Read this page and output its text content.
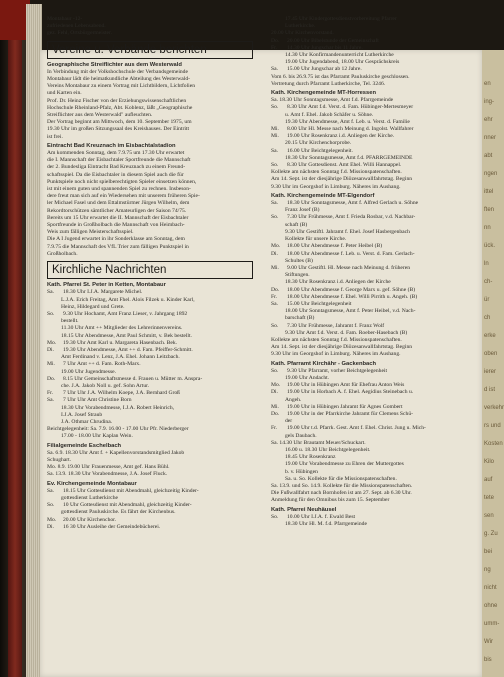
en
ing-
ehr
nner
abt
ngen
ittel
ften
nn
ück.
ln
ch-
ür
ch
erke
oben
ierer
d ist
verkehr
rs und
Kosten
Kilo
auf
tete
sen
g. Zu
bei
ng
nicht
ohne
umm-
Wir
bis
Montabaur -12-
zufriedenen Lebensabend.
gez. Fehl, Ortsbürgermeister.
Vereine u. Verbände berichten
Geographische Streiflichter aus dem Westerwald
In Verbindung mit der Volkshochschule der Verbandsgemeinde
Montabaur lädt die heimatkundliche Abteilung des Westerwald-
Vereins Montabaur zu einem Vortrag mit Lichtbildern, Lichtfolien
und Karten ein.
Prof. Dr. Heinz Fischer von der Erziehungswissenschaftlichen
Hochschule Rheinland-Pfalz, Abt. Koblenz, läßt „Geographische
Streiflichter aus dem Westerwald" aufleuchten.
Der Vortrag beginnt am Mittwoch, dem 10. September 1975, um
19.30 Uhr im großen Sitzungssaal des Kreishauses. Der Eintritt
ist frei.
Eintracht Bad Kreuznach im Eisbachtalstadion
Am kommenden Sonntag, dem 7.9.75 um 17.30 Uhr erwartet
die I. Mannschaft der Eisbachtaler Sportfreunde die Mannschaft
der 2. Bundesliga Eintracht Bad Kreuznach zu einem Freund-
schaftsspiel. Da die Eisbachtaler in diesem Spiel auch die für
Punktspiele noch nicht spielberechtigten Spieler einsetzen können,
ist mit einem guten und spannenden Spiel zu rechnen. Insbeson-
dere freut man sich auf ein Wiedersehen mit unserem früheren Spie-
ler Michael Fasel und dem Ettalmstürmer Jürgen Wilhelm, dem
Rekordtorschützen sämtlicher Amateurligen der Saison 74/75.
Bereits um 15 Uhr erwartet die II. Mannschaft der Eisbachtaler
Sportfreunde in Großholbach die Mannschaft von Heimbach-
Weis zum fälligen Meisterschaftsspiel.
Die A I Jugend erwartet in ihr Sonderklasse am Sonntag, dem
7.9.75 die Mannschaft des VfL Trier zum fälligen Punktspiel in
Großholbach.
Kirchliche Nachrichten
Kath. Pfarrei St. Peter in Ketten, Montabaur
Sa.	18.30 Uhr I.J.A. Margarete Michel.
L.J.A. Erich Freitag, Amt Fhel. Alois Filzek u. Kinder Karl,
Heinz, Hildegard und Grete.
So.	9.30 Uhr Hochamt, Amt Franz Lieser, v. Jahrgang 1892
bestellt.
11.30 Uhr Amt ++ Mitglieder des Lehrerinnenvereins.
18.15 Uhr Abendmesse, Amt Paul Schmitt, v. Bek bestellt.
Mo.	19.30 Uhr Amt Karl u. Margareta Hasenbach. Bek.
Di.	19.30 Uhr Abendmesse, Amt ++ d. Fam. Pfeiffer-Schmitt.
Amt Ferdinand v. Lenz, J.A. Ehel. Johann Leitzbach.
Mi.	7 Uhr Amt ++ d. Fam. Roth-Marx.
19.00 Uhr Jugendmesse.
Do.	8.15 Uhr Gemeinschaftsmesse d. Frauen u. Mütter m. Anspra-
che. J.A. Jakob Noll u. gef. Sohn Artur.
Fr.	7 Uhr Uhr J.A. Wilhelm Koepe, J.A. Bernhard Groß
Sa.	7 Uhr Uhr Amt Christine Born
18.30 Uhr Vorabendmesse, I.J.A. Robert Heinrich,
I.J.A. Josef Straub
J.A. Othmar Chrudina.
Beichtgelegenheit: Sa. 7.9. 16.00 - 17.00 Uhr Pfr. Niederberger
17.00 - 18.00 Uhr Kaplan Wein.
Filialgemeinde Eschelbach
Sa. 6.9. 18.30 Uhr Amt f. + Kapellenvorstandsmitglied Jakob
Schughart.
Mo. 8.9. 19.00 Uhr Frauenmesse, Amt gef. Hans Bühl.
Sa. 13.9. 18.30 Uhr Vorabendmesse, J.A. Josef Fluck.
Ev. Kirchengemeinde Montabaur
Sa.	18.15 Uhr Gottesdienst mit Abendmahl, gleichzeitig Kinder-
gottesdienst Lutherkirche
So.	10 Uhr Gottesdienst mit Abendmahl, gleichzeitig Kinder-
gottesdienst Pauluskirche. Es fährt der Kirchenbus.
Mo.	20.00 Uhr Kirchenchor.
Di.	16 30 Uhr Ausleihe der Gemeindebücherei.
17.45 Uhr Kindergottesdienstvorbereitung Pfarrer
Lutherkirche.
20.00 Uhr Kirchenvorstand.
Do.	20.00 Uhr Bibelstunde der Gemeinschaft
Fr.	14.30 Uhr Jungschar bis 11 Jahre.
14.30 Uhr Konfirmandenunterricht Lutherkirche
19.00 Uhr Jugendabend, 18.00 Uhr Gesprächskreis
Sa.	15.00 Uhr Jungschar ab 12 Jahre.
Vom 6. bis 26.9.75 ist das Pfarramt Pauluskirche geschlossen.
Vertretung durch Pfarramt Lutherkirche, Tel. 3246.
Kath. Kirchengemeinde MT-Horressen
Sa. 18.30 Uhr Sonntagsmesse, Amt f.d. Pfarrgemeinde
So.	8.30 Uhr Amt f.d. Verst. d. Fam. Hübinger-Mertesmeyer
u. Amt f. Ehel. Jakob Schäfer u. Söhne.
19.30 Uhr Abendmesse, Amt f. Leb. u. Verst. d. Familie
Mi.	8.00 Uhr Hl. Messe nach Meinung d. Ingolst. Wallfahrer
Mi.	19.00 Uhr Rosenkranz i.d. Anliegen der Kirche.
20.15 Uhr Kirchenchorprobe.
Sa.	16.00 Uhr Beichtgelegenheit.
18.30 Uhr Sonntagsmesse, Amt f.d. PFARRGEMEINDE
So.	8.30 Uhr Gottesdienst. Amt Ehel. Willi Hannappel.
Kollekte am nächsten Sonntag f.d. Missionspatenschaften.
Am 14. Sept. ist der diesjährige Diözesanwallfahrtstag. Beginn
9.30 Uhr im Georgshof in Limburg. Näheres im Aushang.
Kath. Kirchengemeinde MT-Elgendorf
Sa.	18.30 Uhr Sonntagsmesse, Amt f. Alfred Gerlach u. Söhne
Franz Josef (B)
So.	7.30 Uhr Frühmesse, Amt f. Frieda Rosbar, v.d. Nachbar-
schaft (B)
9.30 Uhr Gestiftl. Jahramt f. Ehel. Josef Hasbergenbach
Kollekte für unsere Kirche.
Mo.	18.00 Uhr Abendmesse f. Peter Heibel (B)
Di.	18.00 Uhr Abendmesse f. Leb. u. Verst. d. Fam. Gerlach-
Schultes (B)
Mi.	9.00 Uhr Gestiftl. Hl. Messe nach Meinung d. früheren
Stiftungen.
18.30 Uhr Rosenkranz i.d. Anliegen der Kirche
Do.	18.00 Uhr Abendmesse f. George Marx u. gef. Söhne (B)
Fr.	18.00 Uhr Abendmesse f. Ehel. Willi Pirrith u. Angeh. (B)
Sa.	15.00 Uhr Beichtgelegenheit
18.00 Uhr Sonntagsmesse, Amt f. Peter Heibel, v.d. Nach-
barschaft (B)
So.	7.30 Uhr Frühmesse, Jahramt f. Franz Wolf
9.30 Uhr Amt f.d. Verst. d. Fam. Roeber-Hasebach (B)
Kollekte am nächsten Sonntag f.d. Missionspatenschaften.
Am 14. Sept. ist der diesjährige Diözesanwallfahrtstag. Beginn
9.30 Uhr im Georgshof in Limburg. Näheres im Aushang.
Kath. Pfarramt Kirchähr - Gackenbach
So.	9.30 Uhr Pfarramt, vorher Beichtgelegenheit
19.00 Uhr Andacht.
Mo.	19.00 Uhr in Hübingen Amt für Ehefrau Anton Weis
Di.	19.00 Uhr in Horbach A. f. Ehel. Aegidius Steinebach u.
Angeh.
Mi.	19.00 Uhr in Hübingen Jahramt für Agnes Gombert
Do.	19.00 Uhr in der Pfarrkirche Jahramt für Clemens Schü-
der
Fr.	19.00 Uhr t.d. Pfarrk. Gest. Amt f. Ehel. Christ. Jung u. Mich-
gels Daubach.
Sa. 14.30 Uhr Brautamt Meuer/Schuckart.
16.00 u. 18.30 Uhr Beichtgelegenheit.
18.45 Uhr Rosenkranz
19.00 Uhr Vorabendmesse zu Ehren der Muttergottes
b. v. Hübingen
Sa. u. So. Kollekte für die Missionspatenschaften.
Sa. 13.9. und So. 14.9. Kollekte für die Missionspatenschaften.
Die Fußwallfahrt nach Bornhofen ist am 27. Sept. ab 6.30 Uhr.
Anmeldung für den Omnibus bis zum 15. September
Kath. Pfarrei Neuhäusel
So.	10.00 Uhr I.J.A. f. Ewald Best
18.30 Uhr Hl. M. f.d. Pfarrgemeinde
